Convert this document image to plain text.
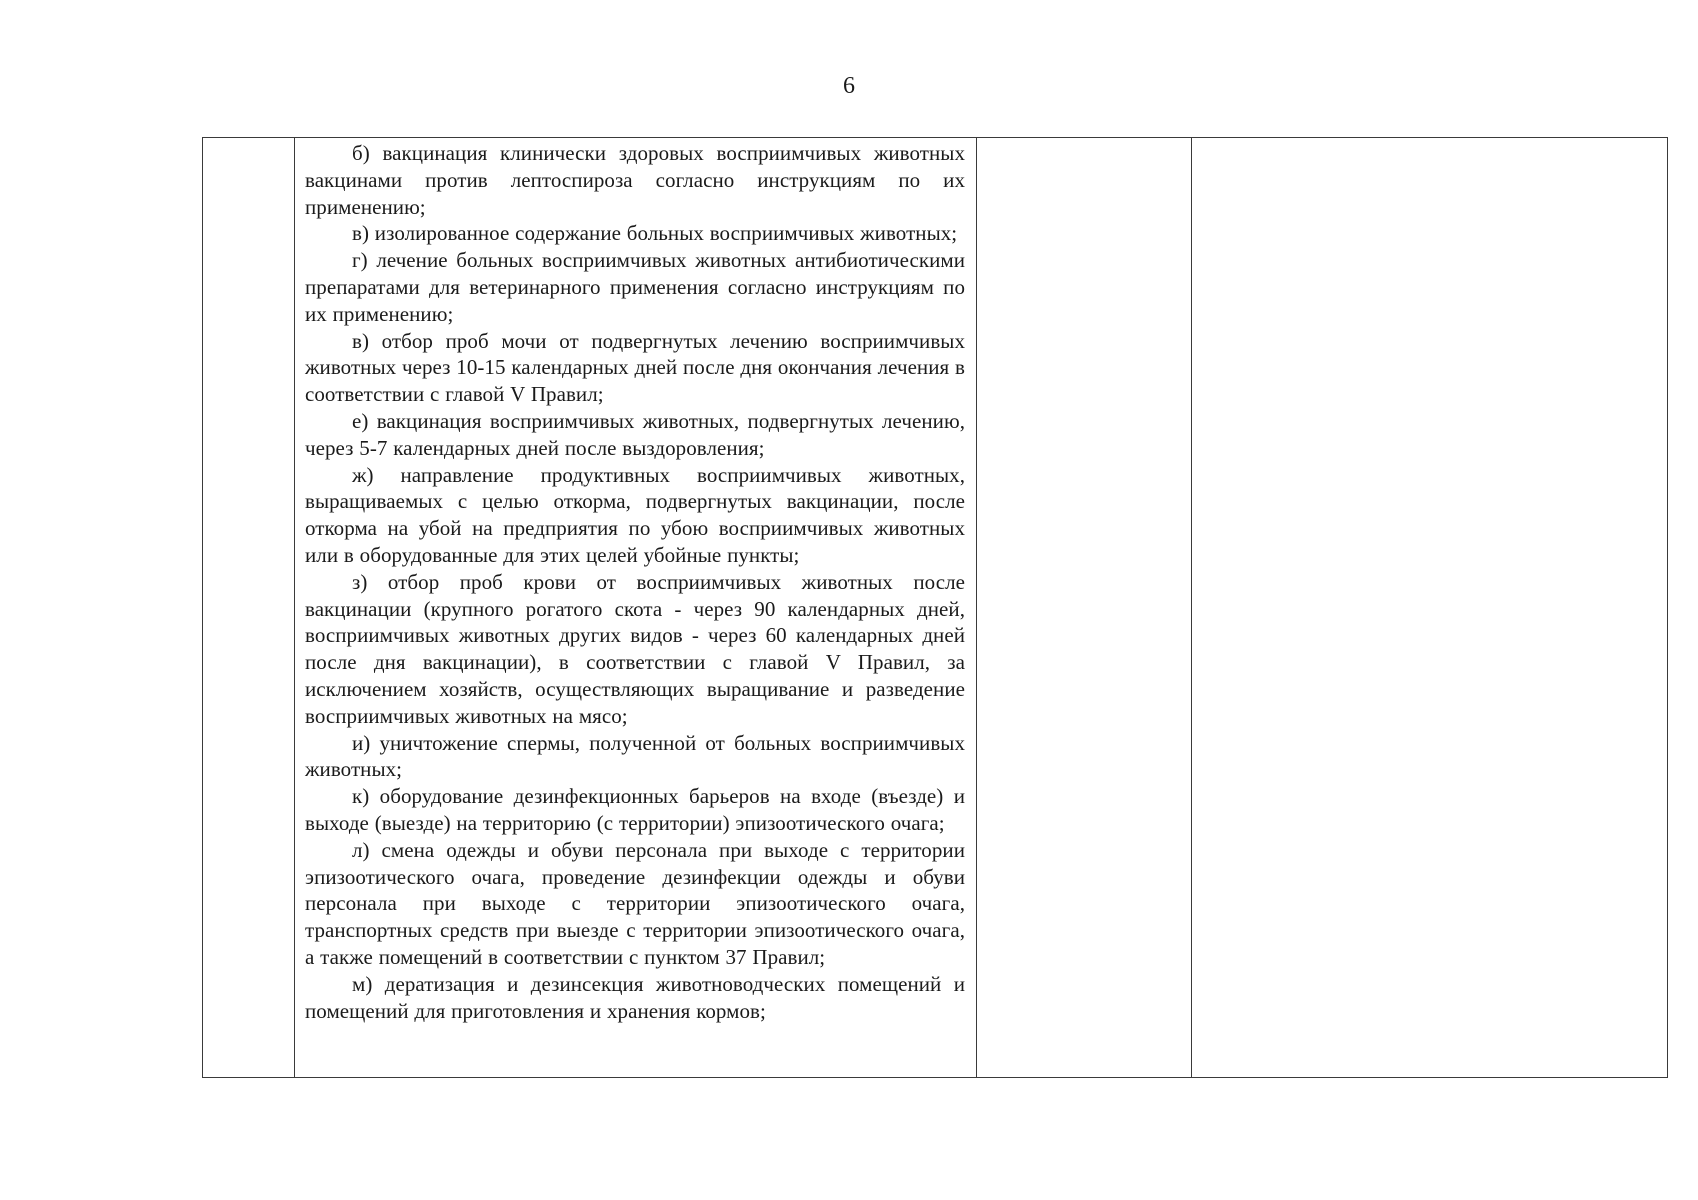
6

б) вакцинация клинически здоровых восприимчивых животных вакцинами против лептоспироза согласно инструкциям по их применению;
в) изолированное содержание больных восприимчивых животных;
г) лечение больных восприимчивых животных антибиотическими препаратами для ветеринарного применения согласно инструкциям по их применению;
в) отбор проб мочи от подвергнутых лечению восприимчивых животных через 10-15 календарных дней после дня окончания лечения в соответствии с главой V Правил;
е) вакцинация восприимчивых животных, подвергнутых лечению, через 5-7 календарных дней после выздоровления;
ж) направление продуктивных восприимчивых животных, выращиваемых с целью откорма, подвергнутых вакцинации, после откорма на убой на предприятия по убою восприимчивых животных или в оборудованные для этих целей убойные пункты;
з) отбор проб крови от восприимчивых животных после вакцинации (крупного рогатого скота - через 90 календарных дней, восприимчивых животных других видов - через 60 календарных дней после дня вакцинации), в соответствии с главой V Правил, за исключением хозяйств, осуществляющих выращивание и разведение восприимчивых животных на мясо;
и) уничтожение спермы, полученной от больных восприимчивых животных;
к) оборудование дезинфекционных барьеров на входе (въезде) и выходе (выезде) на территорию (с территории) эпизоотического очага;
л) смена одежды и обуви персонала при выходе с территории эпизоотического очага, проведение дезинфекции одежды и обуви персонала при выходе с территории эпизоотического очага, транспортных средств при выезде с территории эпизоотического очага, а также помещений в соответствии с пунктом 37 Правил;
м) дератизация и дезинсекция животноводческих помещений и помещений для приготовления и хранения кормов;
